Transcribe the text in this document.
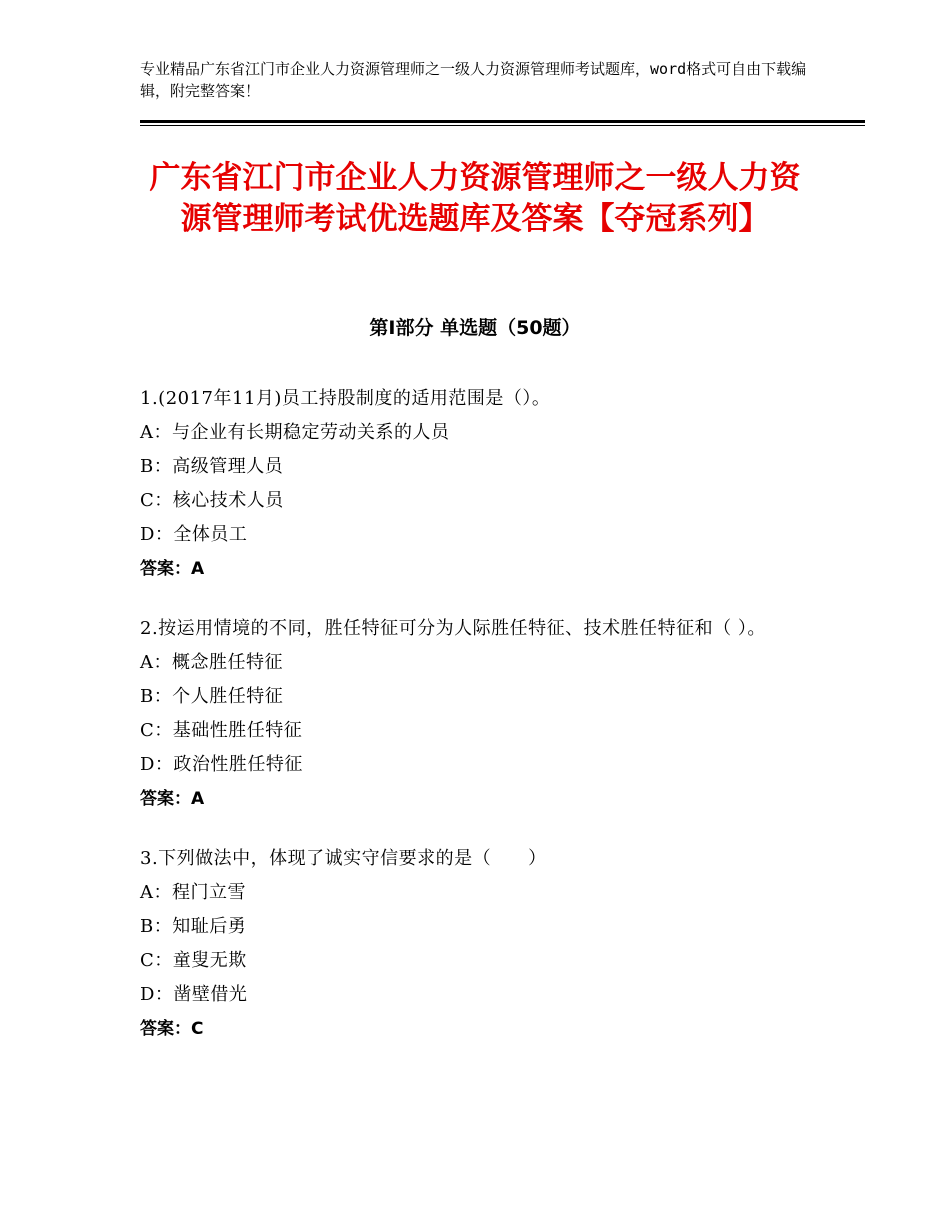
专业精品广东省江门市企业人力资源管理师之一级人力资源管理师考试题库，word格式可自由下载编辑，附完整答案！
广东省江门市企业人力资源管理师之一级人力资源管理师考试优选题库及答案【夺冠系列】
第Ⅰ部分 单选题（50题）
1.(2017年11月)员工持股制度的适用范围是（）。
A：与企业有长期稳定劳动关系的人员
B：高级管理人员
C：核心技术人员
D：全体员工
答案：A
2.按运用情境的不同，胜任特征可分为人际胜任特征、技术胜任特征和（ ）。
A：概念胜任特征
B：个人胜任特征
C：基础性胜任特征
D：政治性胜任特征
答案：A
3.下列做法中，体现了诚实守信要求的是（　　）
A：程门立雪
B：知耻后勇
C：童叟无欺
D：凿壁借光
答案：C
